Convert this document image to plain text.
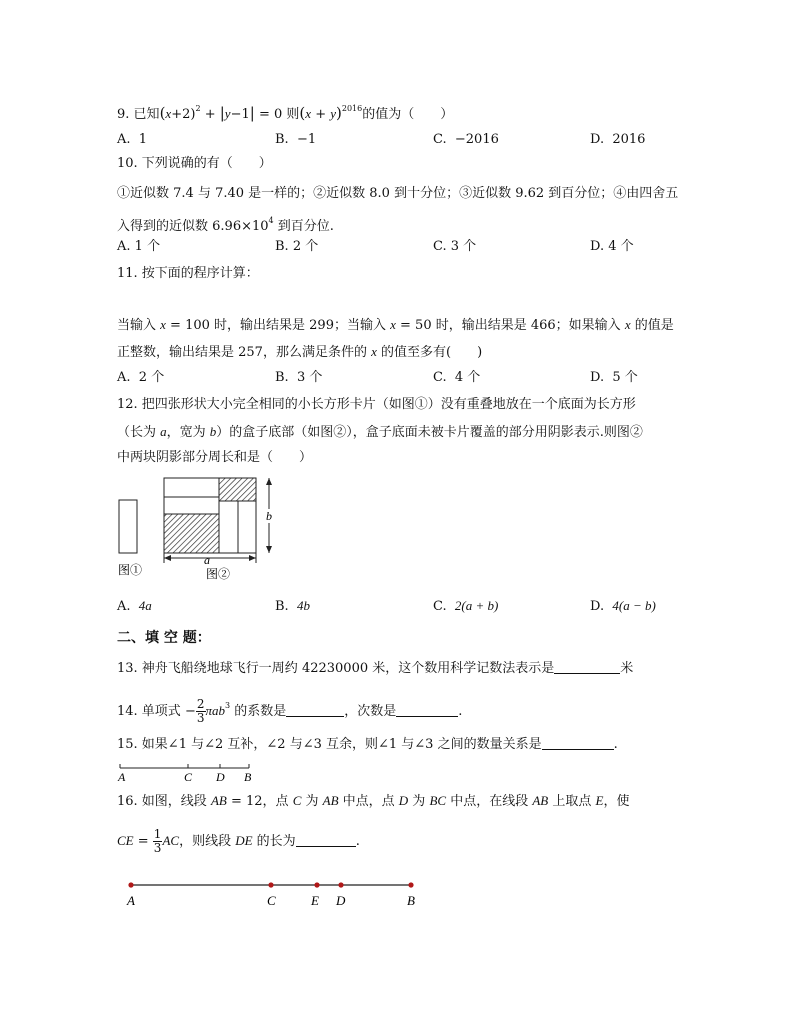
9. 已知$(x+2)^2 + |y-1| = 0$ 则$(x + y)^{2016}$的值为（　　）
A. 1	B. −1	C. −2016	D. 2016
10. 下列说确的有（　　）
①近似数 7.4 与 7.40 是一样的；②近似数 8.0 到十分位；③近似数 9.62 到百分位；④由四舍五
入得到的近似数 $6.96\times 10^4$ 到百分位.
A. 1 个	B. 2 个	C. 3 个	D. 4 个
11. 按下面的程序计算：
当输入 x = 100 时，输出结果是 299；当输入 x = 50 时，输出结果是 466；如果输入 x 的值是
正整数，输出结果是 257，那么满足条件的 x 的值至多有(　　)
A. 2 个	B. 3 个	C. 4 个	D. 5 个
12. 把四张形状大小完全相同的小长方形卡片（如图①）没有重叠地放在一个底面为长方形
（长为 a，宽为 b）的盒子底部（如图②），盒子底面未被卡片覆盖的部分用阴影表示.则图②
中两块阴影部分周长和是（　　）
图①
a
图②
b
A. 4a	B. 4b	C. 2(a + b)	D. 4(a − b)
二、填 空 题：
13. 神舟飞船绕地球飞行一周约 42230000 米，这个数用科学记数法表示是	米
14. 单项式 − $\frac{2}{3} \pi ab^3$ 的系数是	，次数是	.
15. 如果∠1 与∠2 互补，∠2 与∠3 互余，则∠1 与∠3 之间的数量关系是	.
A	C D B
16. 如图，线段 AB = 12，点 C 为 AB 中点，点 D 为 BC 中点，在线段 AB 上取点 E，使
CE = $\frac{1}{3}$ AC，则线段 DE 的长为	.
A	C	E D	B
